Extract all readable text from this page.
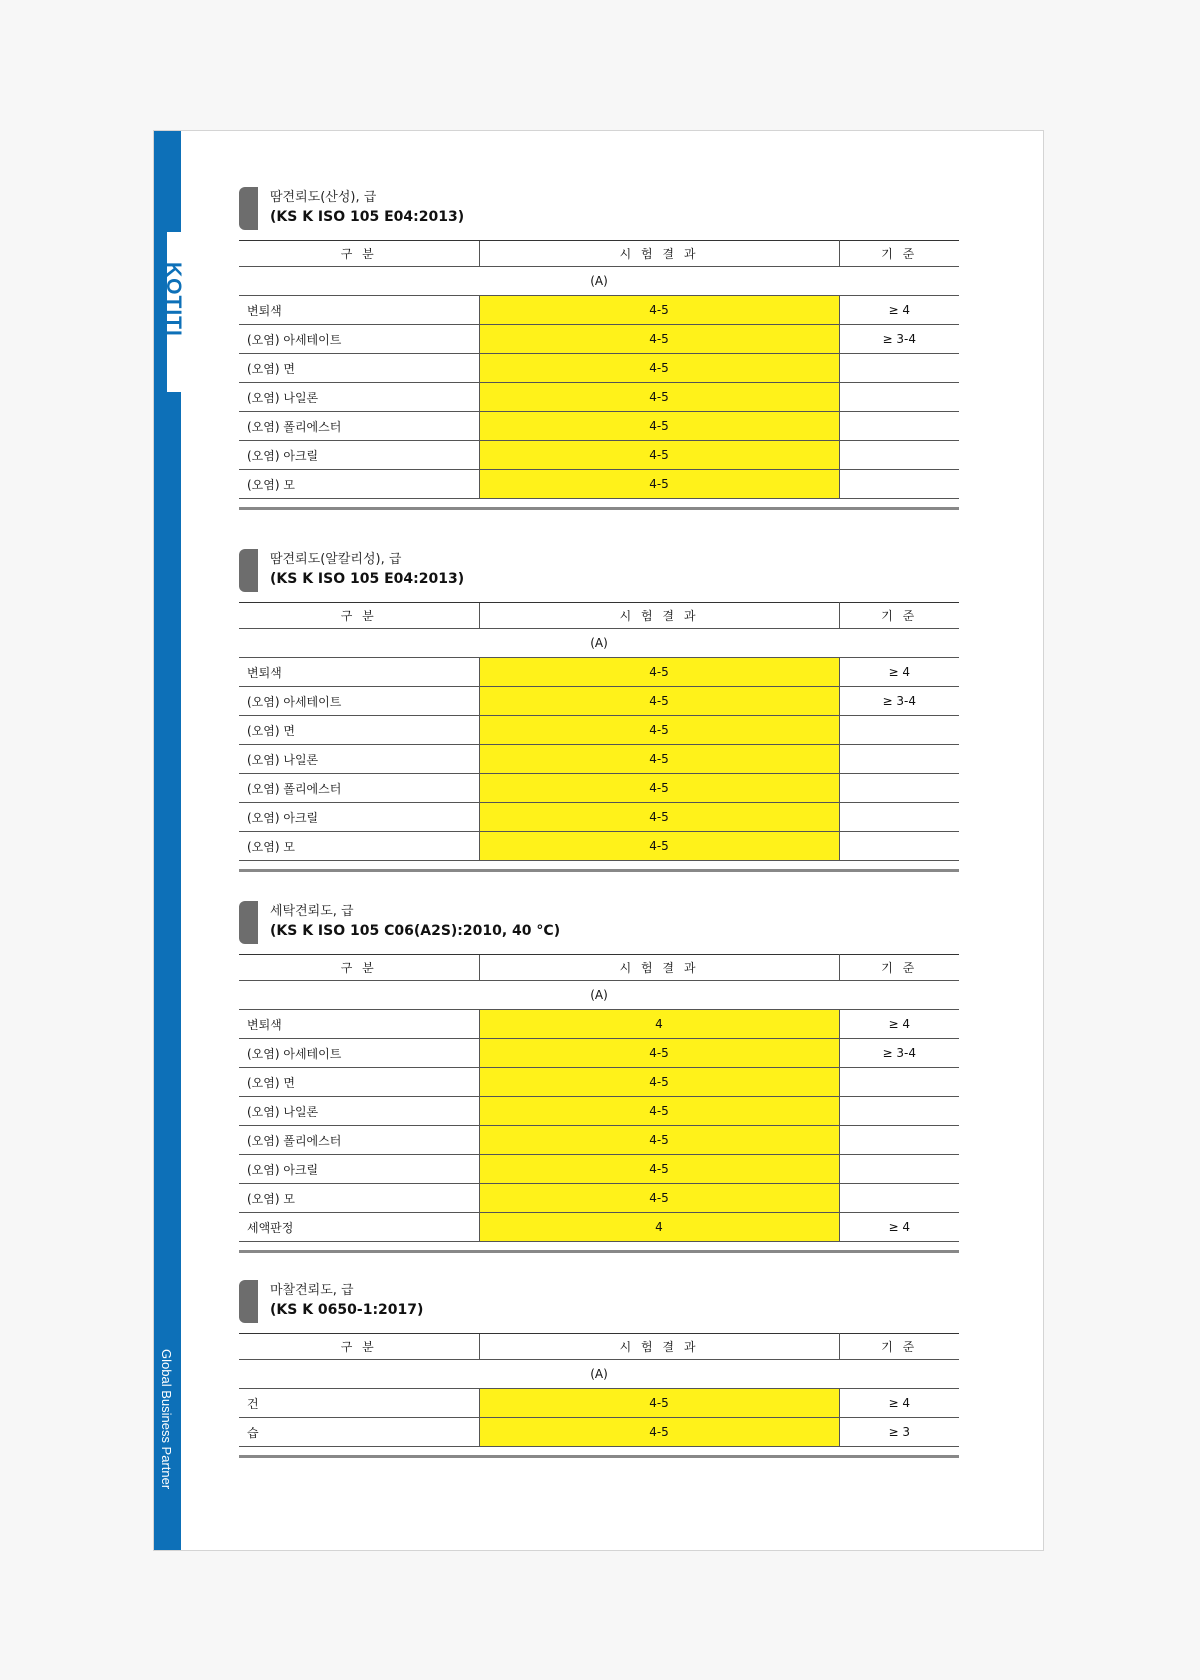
KOTITI
Global Business Partner
땀견뢰도(산성), 급
(KS K ISO 105 E04:2013)
구 분	시 험 결 과	기 준
(A)		
변퇴색	4-5	≥ 4
(오염) 아세테이트	4-5	≥ 3-4
(오염) 면	4-5	
(오염) 나일론	4-5	
(오염) 폴리에스터	4-5	
(오염) 아크릴	4-5	
(오염) 모	4-5	
땀견뢰도(알칼리성), 급
(KS K ISO 105 E04:2013)
구 분	시 험 결 과	기 준
(A)		
변퇴색	4-5	≥ 4
(오염) 아세테이트	4-5	≥ 3-4
(오염) 면	4-5	
(오염) 나일론	4-5	
(오염) 폴리에스터	4-5	
(오염) 아크릴	4-5	
(오염) 모	4-5	
세탁견뢰도, 급
(KS K ISO 105 C06(A2S):2010, 40 °C)
구 분	시 험 결 과	기 준
(A)		
변퇴색	4	≥ 4
(오염) 아세테이트	4-5	≥ 3-4
(오염) 면	4-5	
(오염) 나일론	4-5	
(오염) 폴리에스터	4-5	
(오염) 아크릴	4-5	
(오염) 모	4-5	
세액판정	4	≥ 4
마찰견뢰도, 급
(KS K 0650-1:2017)
구 분	시 험 결 과	기 준
(A)		
건	4-5	≥ 4
습	4-5	≥ 3
